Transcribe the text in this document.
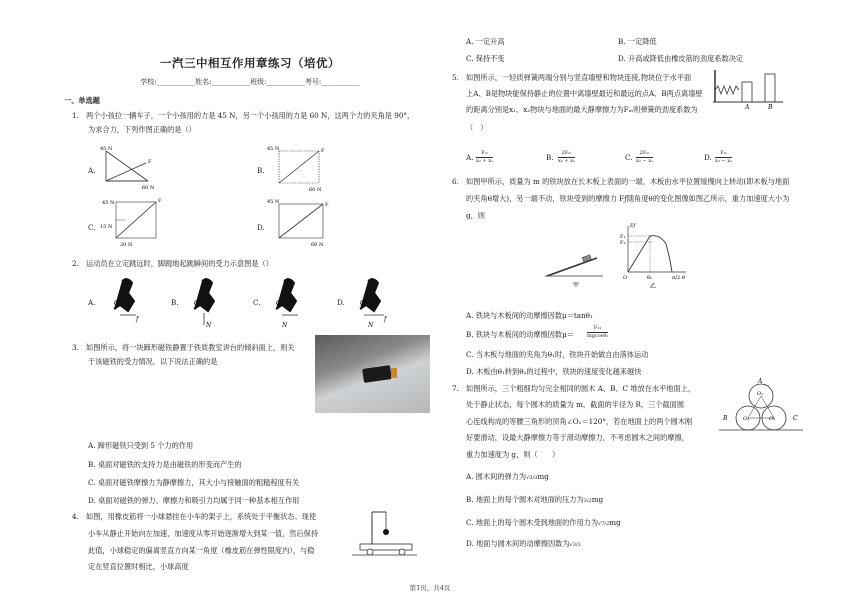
一汽三中相互作用章练习（培优）
学校:___________姓名:___________班级:___________考号:___________
一、单选题
1.　两个小孩拉一辆车子，一个小孩用的力是 45 N，另一个小孩用的力是 60 N，这两个力的夹角是 90°，
为求合力，下列作图正确的是（）
A.
45 N
60 N
F
B.
45 N
60 N
F
C.
45 N
15 N
20 N
F
D.
45 N
60 N
F
2.　运动员在立定跳远时，脚蹬地起跳瞬间的受力示意图是（）
A.	G
f
B.	G
N
C.	G
N
D.	G
N
f
3.　如图所示，将一块蹄形磁铁静置于铁质教室讲台的倾斜面上，则关
于该磁铁的受力情况，以下说法正确的是
A. 蹄形磁铁只受到 5 个力的作用
B. 桌面对磁铁的支持力是由磁铁的形变而产生的
C. 桌面对磁铁摩擦力为静摩擦力，其大小与接触面的粗糙程度有关
D. 桌面对磁铁的弹力、摩擦力和吸引力均属于同一种基本相互作用
4.　如图，用橡皮筋将一小球悬挂在小车的架子上，系统处于平衡状态。现使
小车从静止开始向左加速，加速度从零开始逐渐增大到某一值，然后保持
此值，小球稳定的偏离竖直方向某一角度（橡皮筋在弹性限度内），与稳
定在竖直位置时相比，小球高度
A. 一定升高	B. 一定降低
C. 保持不变	D. 升高或降低由橡皮筋的劲度系数决定
5.　如图所示，一轻质弹簧两端分别与竖直墙壁和物块连接,物块位于水平面
上A、B是物块能保持静止的位置中离墙壁最近和最远的点A、B两点离墙壁
的距离分别是x₁、x₂物块与地面的最大静摩擦力为Fₘ则弹簧的劲度系数为
（　）
A	B
A.	Fₘ
x₂ + x₁	B.	2Fₘ
x₂ + x₁	C.	2Fₘ
x₂ − x₁	D.	Fₘ
x₂ − x₁
6.　如图甲所示，质量为 m 的铁块放在长木板上表面的一端，木板由水平位置缓慢向上转动(即木板与地面
的夹角θ增大)，另一端不动，铁块受到的摩擦力 Fƒ随角度θ的变化图像如图乙所示，重力加速度大小为
g，则
甲
Fƒ
F₁
F₂
O	θ₁	π/2 θ
乙
A. 铁块与木板间的动摩擦因数μ＝tanθ₁
B. 铁块与木板间的动摩擦因数μ＝
F₂₁
mgcosθ₁
C. 当木板与地面的夹角为θ₁时，铁块开始做自由落体运动
D. 木板由θ₁转到θ₂的过程中，铁块的速度变化越来越快
7.　如图所示，三个粗细均匀完全相同的圆木 A、B、C 堆放在水平地面上，
处于静止状态，每个圆木的质量为 m，截面的半径为 R，三个截面圆
心连线构成的等腰三角形的顶角∠O₁＝120°，若在地面上的两个圆木刚
好要滑动，设最大静摩擦力等于滑动摩擦力，不考虑圆木之间的摩擦，
重力加速度为 g，则（　　）
A
B	C
O₁
O₂	O₃
A. 圆木间的弹力为√3/3mg
B. 地面上的每个圆木对地面的压力为3/2mg
C. 地面上的每个圆木受到地面的作用力为√7/2mg
D. 地面与圆木间的动摩擦因数为√3/3
第1页，共4页
